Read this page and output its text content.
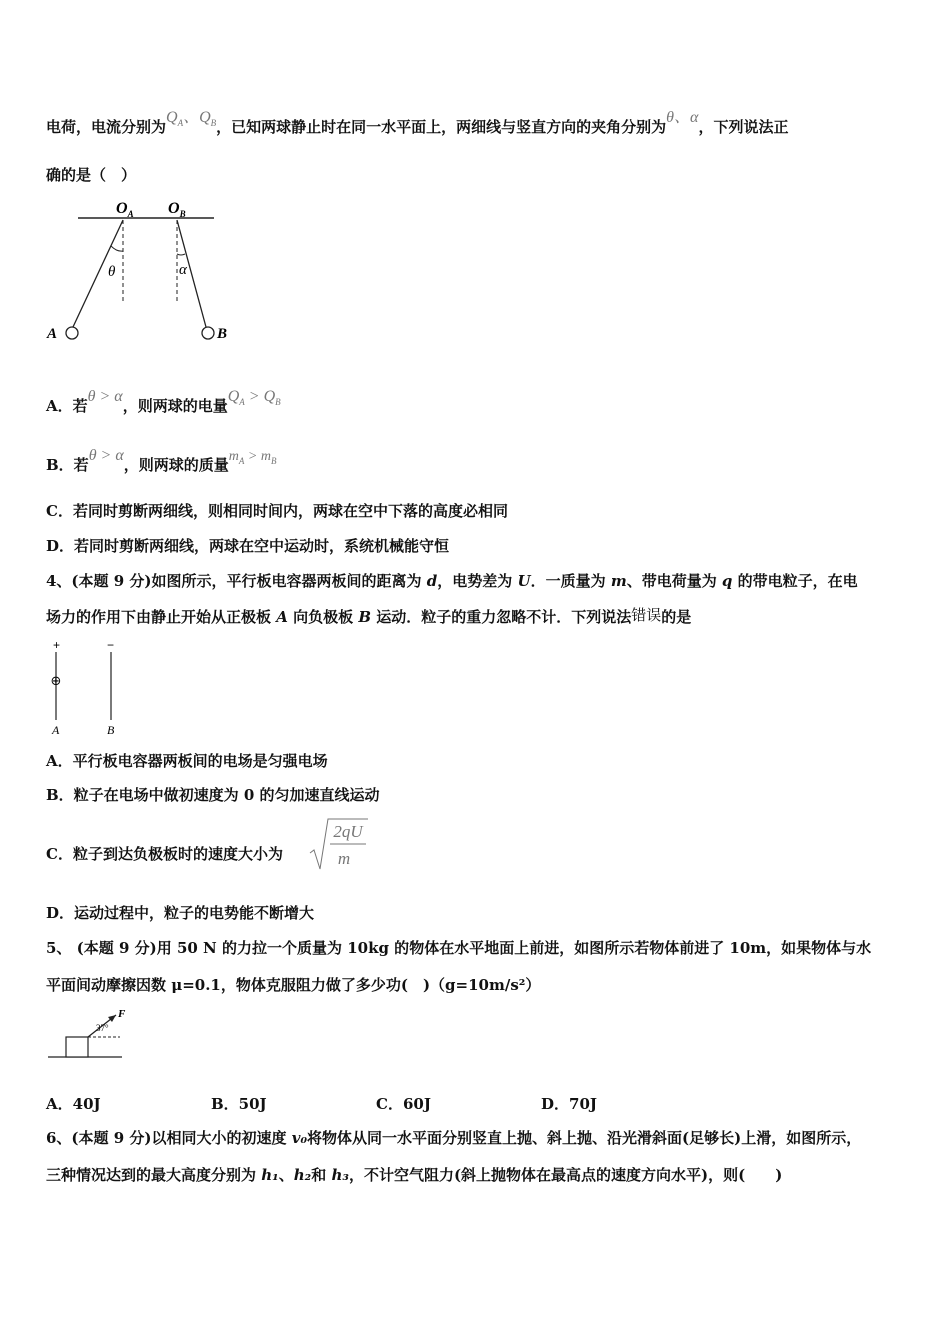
电荷，电流分别为$Q_A$、$Q_B$，已知两球静止时在同一水平面上，两细线与竖直方向的夹角分别为θ、α，下列说法正
确的是（　）
$O_A$ $O_B$
θ	α
A	B
A．若θ > α，则两球的电量$Q_A > Q_B$
B．若θ > α，则两球的质量$m_A > m_B$
C．若同时剪断两细线，则相同时间内，两球在空中下落的高度必相同
D．若同时剪断两细线，两球在空中运动时，系统机械能守恒
4、(本题 9 分)如图所示，平行板电容器两板间的距离为 d，电势差为 U．一质量为 m、带电荷量为 q 的带电粒子，在电
场力的作用下由静止开始从正极板 A 向负极板 B 运动．粒子的重力忽略不计．下列说法错误的是
+	−
⊕
A	B
A．平行板电容器两板间的电场是匀强电场
B．粒子在电场中做初速度为 0 的匀加速直线运动
C．粒子到达负极板时的速度大小为
2qU
m
D．运动过程中，粒子的电势能不断增大
5、 (本题 9 分)用 50 N 的力拉一个质量为 10kg 的物体在水平地面上前进，如图所示若物体前进了 10m，如果物体与水
平面间动摩擦因数 μ=0.1，物体克服阻力做了多少功(　)（g=10m/s²）
F
37°
A．40J	B．50J	C．60J	D．70J
6、(本题 9 分)以相同大小的初速度 v₀将物体从同一水平面分别竖直上抛、斜上抛、沿光滑斜面(足够长)上滑，如图所示，
三种情况达到的最大高度分别为 h₁、h₂和 h₃，不计空气阻力(斜上抛物体在最高点的速度方向水平)，则(　　)
